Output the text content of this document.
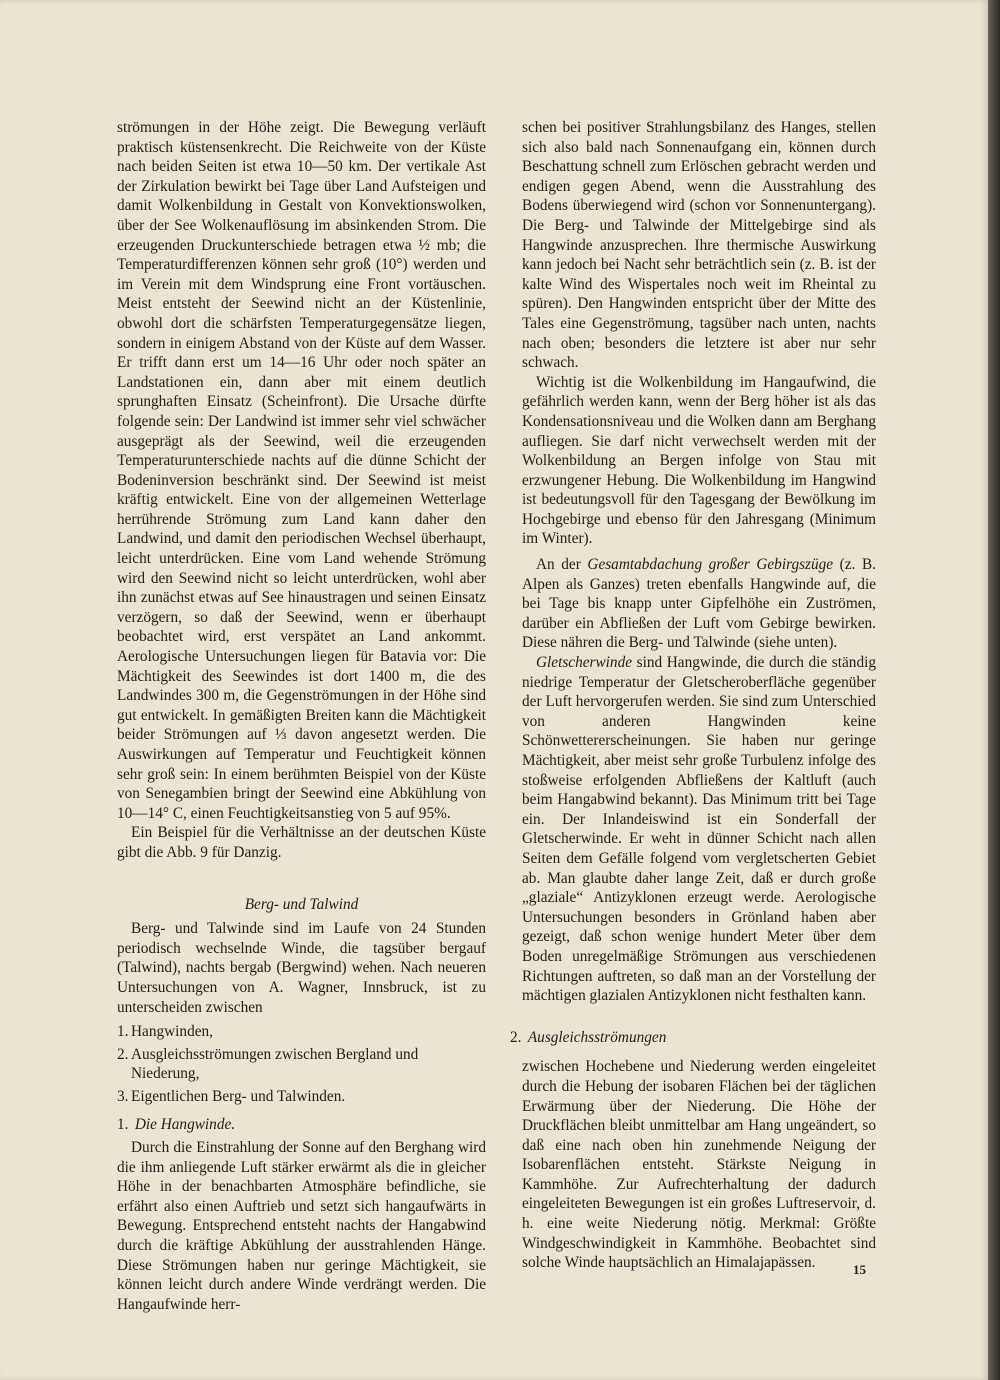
strömungen in der Höhe zeigt. Die Bewegung verläuft praktisch küstensenkrecht. Die Reichweite von der Küste nach beiden Seiten ist etwa 10—50 km. Der vertikale Ast der Zirkulation bewirkt bei Tage über Land Aufsteigen und damit Wolkenbildung in Gestalt von Konvektionswolken, über der See Wolkenauflösung im absinkenden Strom. Die erzeugenden Druckunterschiede betragen etwa ½ mb; die Temperaturdifferenzen können sehr groß (10°) werden und im Verein mit dem Windsprung eine Front vortäuschen. Meist entsteht der Seewind nicht an der Küstenlinie, obwohl dort die schärfsten Temperaturgegensätze liegen, sondern in einigem Abstand von der Küste auf dem Wasser. Er trifft dann erst um 14—16 Uhr oder noch später an Landstationen ein, dann aber mit einem deutlich sprunghaften Einsatz (Scheinfront). Die Ursache dürfte folgende sein: Der Landwind ist immer sehr viel schwächer ausgeprägt als der Seewind, weil die erzeugenden Temperaturunterschiede nachts auf die dünne Schicht der Bodeninversion beschränkt sind. Der Seewind ist meist kräftig entwickelt. Eine von der allgemeinen Wetterlage herrührende Strömung zum Land kann daher den Landwind, und damit den periodischen Wechsel überhaupt, leicht unterdrücken. Eine vom Land wehende Strömung wird den Seewind nicht so leicht unterdrücken, wohl aber ihn zunächst etwas auf See hinaustragen und seinen Einsatz verzögern, so daß der Seewind, wenn er überhaupt beobachtet wird, erst verspätet an Land ankommt. Aerologische Untersuchungen liegen für Batavia vor: Die Mächtigkeit des Seewindes ist dort 1400 m, die des Landwindes 300 m, die Gegenströmungen in der Höhe sind gut entwickelt. In gemäßigten Breiten kann die Mächtigkeit beider Strömungen auf ⅓ davon angesetzt werden. Die Auswirkungen auf Temperatur und Feuchtigkeit können sehr groß sein: In einem berühmten Beispiel von der Küste von Senegambien bringt der Seewind eine Abkühlung von 10—14° C, einen Feuchtigkeitsanstieg von 5 auf 95%.

Ein Beispiel für die Verhältnisse an der deutschen Küste gibt die Abb. 9 für Danzig.

Berg- und Talwind

Berg- und Talwinde sind im Laufe von 24 Stunden periodisch wechselnde Winde, die tagsüber bergauf (Talwind), nachts bergab (Bergwind) wehen. Nach neueren Untersuchungen von A. Wagner, Innsbruck, ist zu unterscheiden zwischen

1. Hangwinden,
2. Ausgleichsströmungen zwischen Bergland und Niederung,
3. Eigentlichen Berg- und Talwinden.

1. Die Hangwinde.

Durch die Einstrahlung der Sonne auf den Berghang wird die ihm anliegende Luft stärker erwärmt als die in gleicher Höhe in der benachbarten Atmosphäre befindliche, sie erfährt also einen Auftrieb und setzt sich hangaufwärts in Bewegung. Entsprechend entsteht nachts der Hangabwind durch die kräftige Abkühlung der ausstrahlenden Hänge. Diese Strömungen haben nur geringe Mächtigkeit, sie können leicht durch andere Winde verdrängt werden. Die Hangaufwinde herr-

schen bei positiver Strahlungsbilanz des Hanges, stellen sich also bald nach Sonnenaufgang ein, können durch Beschattung schnell zum Erlöschen gebracht werden und endigen gegen Abend, wenn die Ausstrahlung des Bodens überwiegend wird (schon vor Sonnenuntergang). Die Berg- und Talwinde der Mittelgebirge sind als Hangwinde anzusprechen. Ihre thermische Auswirkung kann jedoch bei Nacht sehr beträchtlich sein (z. B. ist der kalte Wind des Wispertales noch weit im Rheintal zu spüren). Den Hangwinden entspricht über der Mitte des Tales eine Gegenströmung, tagsüber nach unten, nachts nach oben; besonders die letztere ist aber nur sehr schwach.

Wichtig ist die Wolkenbildung im Hangaufwind, die gefährlich werden kann, wenn der Berg höher ist als das Kondensationsniveau und die Wolken dann am Berghang aufliegen. Sie darf nicht verwechselt werden mit der Wolkenbildung an Bergen infolge von Stau mit erzwungener Hebung. Die Wolkenbildung im Hangwind ist bedeutungsvoll für den Tagesgang der Bewölkung im Hochgebirge und ebenso für den Jahresgang (Minimum im Winter).

An der Gesamtabdachung großer Gebirgszüge (z. B. Alpen als Ganzes) treten ebenfalls Hangwinde auf, die bei Tage bis knapp unter Gipfelhöhe ein Zuströmen, darüber ein Abfließen der Luft vom Gebirge bewirken. Diese nähren die Berg- und Talwinde (siehe unten).

Gletscherwinde sind Hangwinde, die durch die ständig niedrige Temperatur der Gletscheroberfläche gegenüber der Luft hervorgerufen werden. Sie sind zum Unterschied von anderen Hangwinden keine Schönwettererscheinungen. Sie haben nur geringe Mächtigkeit, aber meist sehr große Turbulenz infolge des stoßweise erfolgenden Abfließens der Kaltluft (auch beim Hangabwind bekannt). Das Minimum tritt bei Tage ein. Der Inlandeiswind ist ein Sonderfall der Gletscherwinde. Er weht in dünner Schicht nach allen Seiten dem Gefälle folgend vom vergletscherten Gebiet ab. Man glaubte daher lange Zeit, daß er durch große „glaziale“ Antizyklonen erzeugt werde. Aerologische Untersuchungen besonders in Grönland haben aber gezeigt, daß schon wenige hundert Meter über dem Boden unregelmäßige Strömungen aus verschiedenen Richtungen auftreten, so daß man an der Vorstellung der mächtigen glazialen Antizyklonen nicht festhalten kann.

2. Ausgleichsströmungen

zwischen Hochebene und Niederung werden eingeleitet durch die Hebung der isobaren Flächen bei der täglichen Erwärmung über der Niederung. Die Höhe der Druckflächen bleibt unmittelbar am Hang ungeändert, so daß eine nach oben hin zunehmende Neigung der Isobarenflächen entsteht. Stärkste Neigung in Kammhöhe. Zur Aufrechterhaltung der dadurch eingeleiteten Bewegungen ist ein großes Luftreservoir, d. h. eine weite Niederung nötig. Merkmal: Größte Windgeschwindigkeit in Kammhöhe. Beobachtet sind solche Winde hauptsächlich an Himalajapässen.	15
